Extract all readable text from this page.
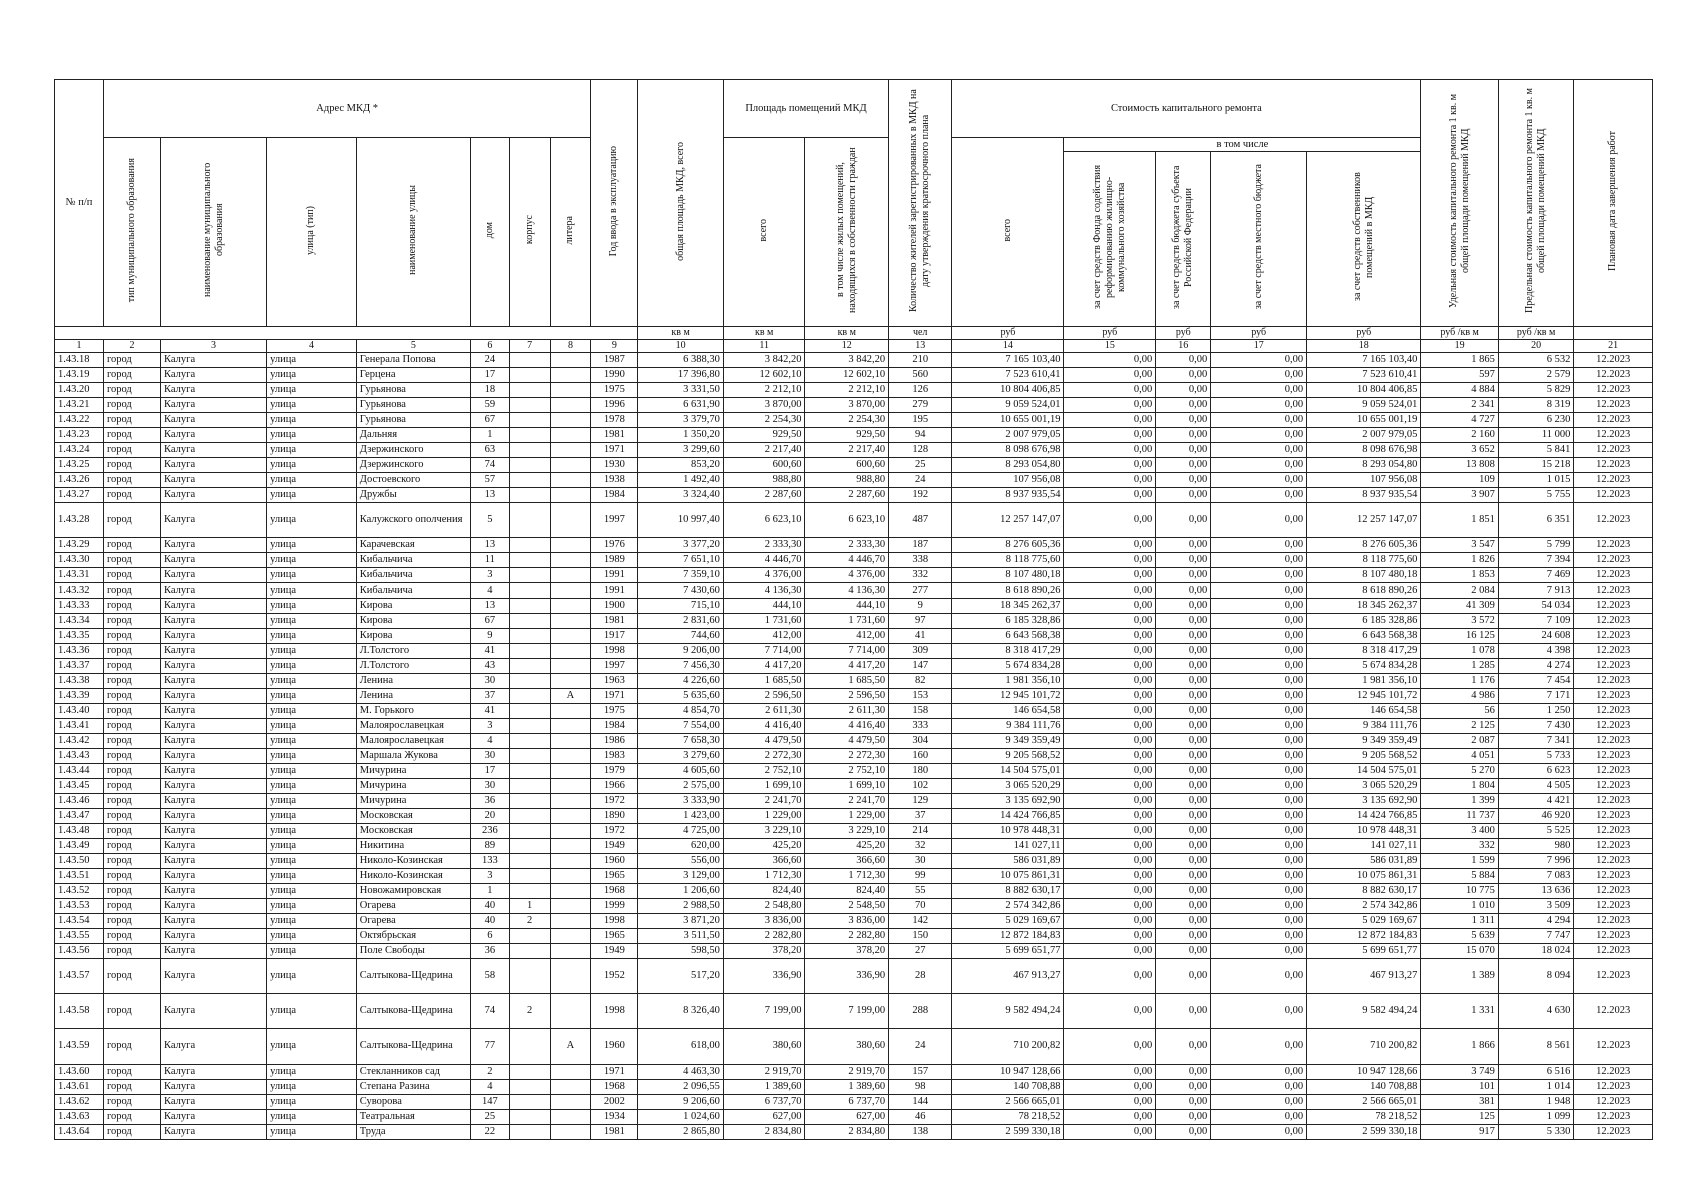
№ п/п	Адрес МКД *							Год ввода в эксплуатацию	общая площадь МКД, всего	Площадь помещений МКД		Количество жителей зарегистрированных в МКД на дату утверждения краткосрочного плана	Стоимость капитального ремонта					Удельная стоимость капитального ремонта 1 кв. м общей площади помещений МКД	Предельная стоимость капитального ремонта 1 кв. м общей площади помещений МКД	Плановая дата завершения работ
	тип муниципального образования	наименование муниципального образования	улица (тип)	наименование улицы	дом	корпус	литера			всего	в том числе жилых помещений, находящихся в собственности граждан		всего	в том числе						
														за счет средств Фонда содействия реформированию жилищно-коммунального хозяйства	за счет средств бюджета субъекта Российской Федерации	за счет средств местного бюджета	за счет средств собственников помещений в МКД			
									кв м	кв м	кв м	чел	руб	руб	руб	руб	руб	руб /кв м	руб /кв м	
1	2	3	4	5	6	7	8	9	10	11	12	13	14	15	16	17	18	19	20	21
1.43.18	город	Калуга	улица	Генерала Попова	24			1987	6 388,30	3 842,20	3 842,20	210	7 165 103,40	0,00	0,00	0,00	7 165 103,40	1 865	6 532	12.2023
1.43.19	город	Калуга	улица	Герцена	17			1990	17 396,80	12 602,10	12 602,10	560	7 523 610,41	0,00	0,00	0,00	7 523 610,41	597	2 579	12.2023
1.43.20	город	Калуга	улица	Гурьянова	18			1975	3 331,50	2 212,10	2 212,10	126	10 804 406,85	0,00	0,00	0,00	10 804 406,85	4 884	5 829	12.2023
1.43.21	город	Калуга	улица	Гурьянова	59			1996	6 631,90	3 870,00	3 870,00	279	9 059 524,01	0,00	0,00	0,00	9 059 524,01	2 341	8 319	12.2023
1.43.22	город	Калуга	улица	Гурьянова	67			1978	3 379,70	2 254,30	2 254,30	195	10 655 001,19	0,00	0,00	0,00	10 655 001,19	4 727	6 230	12.2023
1.43.23	город	Калуга	улица	Дальняя	1			1981	1 350,20	929,50	929,50	94	2 007 979,05	0,00	0,00	0,00	2 007 979,05	2 160	11 000	12.2023
1.43.24	город	Калуга	улица	Дзержинского	63			1971	3 299,60	2 217,40	2 217,40	128	8 098 676,98	0,00	0,00	0,00	8 098 676,98	3 652	5 841	12.2023
1.43.25	город	Калуга	улица	Дзержинского	74			1930	853,20	600,60	600,60	25	8 293 054,80	0,00	0,00	0,00	8 293 054,80	13 808	15 218	12.2023
1.43.26	город	Калуга	улица	Достоевского	57			1938	1 492,40	988,80	988,80	24	107 956,08	0,00	0,00	0,00	107 956,08	109	1 015	12.2023
1.43.27	город	Калуга	улица	Дружбы	13			1984	3 324,40	2 287,60	2 287,60	192	8 937 935,54	0,00	0,00	0,00	8 937 935,54	3 907	5 755	12.2023
1.43.28	город	Калуга	улица	Калужского ополчения	5			1997	10 997,40	6 623,10	6 623,10	487	12 257 147,07	0,00	0,00	0,00	12 257 147,07	1 851	6 351	12.2023
1.43.29	город	Калуга	улица	Карачевская	13			1976	3 377,20	2 333,30	2 333,30	187	8 276 605,36	0,00	0,00	0,00	8 276 605,36	3 547	5 799	12.2023
1.43.30	город	Калуга	улица	Кибальчича	11			1989	7 651,10	4 446,70	4 446,70	338	8 118 775,60	0,00	0,00	0,00	8 118 775,60	1 826	7 394	12.2023
1.43.31	город	Калуга	улица	Кибальчича	3			1991	7 359,10	4 376,00	4 376,00	332	8 107 480,18	0,00	0,00	0,00	8 107 480,18	1 853	7 469	12.2023
1.43.32	город	Калуга	улица	Кибальчича	4			1991	7 430,60	4 136,30	4 136,30	277	8 618 890,26	0,00	0,00	0,00	8 618 890,26	2 084	7 913	12.2023
1.43.33	город	Калуга	улица	Кирова	13			1900	715,10	444,10	444,10	9	18 345 262,37	0,00	0,00	0,00	18 345 262,37	41 309	54 034	12.2023
1.43.34	город	Калуга	улица	Кирова	67			1981	2 831,60	1 731,60	1 731,60	97	6 185 328,86	0,00	0,00	0,00	6 185 328,86	3 572	7 109	12.2023
1.43.35	город	Калуга	улица	Кирова	9			1917	744,60	412,00	412,00	41	6 643 568,38	0,00	0,00	0,00	6 643 568,38	16 125	24 608	12.2023
1.43.36	город	Калуга	улица	Л.Толстого	41			1998	9 206,00	7 714,00	7 714,00	309	8 318 417,29	0,00	0,00	0,00	8 318 417,29	1 078	4 398	12.2023
1.43.37	город	Калуга	улица	Л.Толстого	43			1997	7 456,30	4 417,20	4 417,20	147	5 674 834,28	0,00	0,00	0,00	5 674 834,28	1 285	4 274	12.2023
1.43.38	город	Калуга	улица	Ленина	30			1963	4 226,60	1 685,50	1 685,50	82	1 981 356,10	0,00	0,00	0,00	1 981 356,10	1 176	7 454	12.2023
1.43.39	город	Калуга	улица	Ленина	37		А	1971	5 635,60	2 596,50	2 596,50	153	12 945 101,72	0,00	0,00	0,00	12 945 101,72	4 986	7 171	12.2023
1.43.40	город	Калуга	улица	М. Горького	41			1975	4 854,70	2 611,30	2 611,30	158	146 654,58	0,00	0,00	0,00	146 654,58	56	1 250	12.2023
1.43.41	город	Калуга	улица	Малоярославецкая	3			1984	7 554,00	4 416,40	4 416,40	333	9 384 111,76	0,00	0,00	0,00	9 384 111,76	2 125	7 430	12.2023
1.43.42	город	Калуга	улица	Малоярославецкая	4			1986	7 658,30	4 479,50	4 479,50	304	9 349 359,49	0,00	0,00	0,00	9 349 359,49	2 087	7 341	12.2023
1.43.43	город	Калуга	улица	Маршала Жукова	30			1983	3 279,60	2 272,30	2 272,30	160	9 205 568,52	0,00	0,00	0,00	9 205 568,52	4 051	5 733	12.2023
1.43.44	город	Калуга	улица	Мичурина	17			1979	4 605,60	2 752,10	2 752,10	180	14 504 575,01	0,00	0,00	0,00	14 504 575,01	5 270	6 623	12.2023
1.43.45	город	Калуга	улица	Мичурина	30			1966	2 575,00	1 699,10	1 699,10	102	3 065 520,29	0,00	0,00	0,00	3 065 520,29	1 804	4 505	12.2023
1.43.46	город	Калуга	улица	Мичурина	36			1972	3 333,90	2 241,70	2 241,70	129	3 135 692,90	0,00	0,00	0,00	3 135 692,90	1 399	4 421	12.2023
1.43.47	город	Калуга	улица	Московская	20			1890	1 423,00	1 229,00	1 229,00	37	14 424 766,85	0,00	0,00	0,00	14 424 766,85	11 737	46 920	12.2023
1.43.48	город	Калуга	улица	Московская	236			1972	4 725,00	3 229,10	3 229,10	214	10 978 448,31	0,00	0,00	0,00	10 978 448,31	3 400	5 525	12.2023
1.43.49	город	Калуга	улица	Никитина	89			1949	620,00	425,20	425,20	32	141 027,11	0,00	0,00	0,00	141 027,11	332	980	12.2023
1.43.50	город	Калуга	улица	Николо-Козинская	133			1960	556,00	366,60	366,60	30	586 031,89	0,00	0,00	0,00	586 031,89	1 599	7 996	12.2023
1.43.51	город	Калуга	улица	Николо-Козинская	3			1965	3 129,00	1 712,30	1 712,30	99	10 075 861,31	0,00	0,00	0,00	10 075 861,31	5 884	7 083	12.2023
1.43.52	город	Калуга	улица	Новожамировская	1			1968	1 206,60	824,40	824,40	55	8 882 630,17	0,00	0,00	0,00	8 882 630,17	10 775	13 636	12.2023
1.43.53	город	Калуга	улица	Огарева	40	1		1999	2 988,50	2 548,80	2 548,50	70	2 574 342,86	0,00	0,00	0,00	2 574 342,86	1 010	3 509	12.2023
1.43.54	город	Калуга	улица	Огарева	40	2		1998	3 871,20	3 836,00	3 836,00	142	5 029 169,67	0,00	0,00	0,00	5 029 169,67	1 311	4 294	12.2023
1.43.55	город	Калуга	улица	Октябрьская	6			1965	3 511,50	2 282,80	2 282,80	150	12 872 184,83	0,00	0,00	0,00	12 872 184,83	5 639	7 747	12.2023
1.43.56	город	Калуга	улица	Поле Свободы	36			1949	598,50	378,20	378,20	27	5 699 651,77	0,00	0,00	0,00	5 699 651,77	15 070	18 024	12.2023
1.43.57	город	Калуга	улица	Салтыкова-Щедрина	58			1952	517,20	336,90	336,90	28	467 913,27	0,00	0,00	0,00	467 913,27	1 389	8 094	12.2023
1.43.58	город	Калуга	улица	Салтыкова-Щедрина	74	2		1998	8 326,40	7 199,00	7 199,00	288	9 582 494,24	0,00	0,00	0,00	9 582 494,24	1 331	4 630	12.2023
1.43.59	город	Калуга	улица	Салтыкова-Щедрина	77		А	1960	618,00	380,60	380,60	24	710 200,82	0,00	0,00	0,00	710 200,82	1 866	8 561	12.2023
1.43.60	город	Калуга	улица	Стекланников сад	2			1971	4 463,30	2 919,70	2 919,70	157	10 947 128,66	0,00	0,00	0,00	10 947 128,66	3 749	6 516	12.2023
1.43.61	город	Калуга	улица	Степана Разина	4			1968	2 096,55	1 389,60	1 389,60	98	140 708,88	0,00	0,00	0,00	140 708,88	101	1 014	12.2023
1.43.62	город	Калуга	улица	Суворова	147			2002	9 206,60	6 737,70	6 737,70	144	2 566 665,01	0,00	0,00	0,00	2 566 665,01	381	1 948	12.2023
1.43.63	город	Калуга	улица	Театральная	25			1934	1 024,60	627,00	627,00	46	78 218,52	0,00	0,00	0,00	78 218,52	125	1 099	12.2023
1.43.64	город	Калуга	улица	Труда	22			1981	2 865,80	2 834,80	2 834,80	138	2 599 330,18	0,00	0,00	0,00	2 599 330,18	917	5 330	12.2023
